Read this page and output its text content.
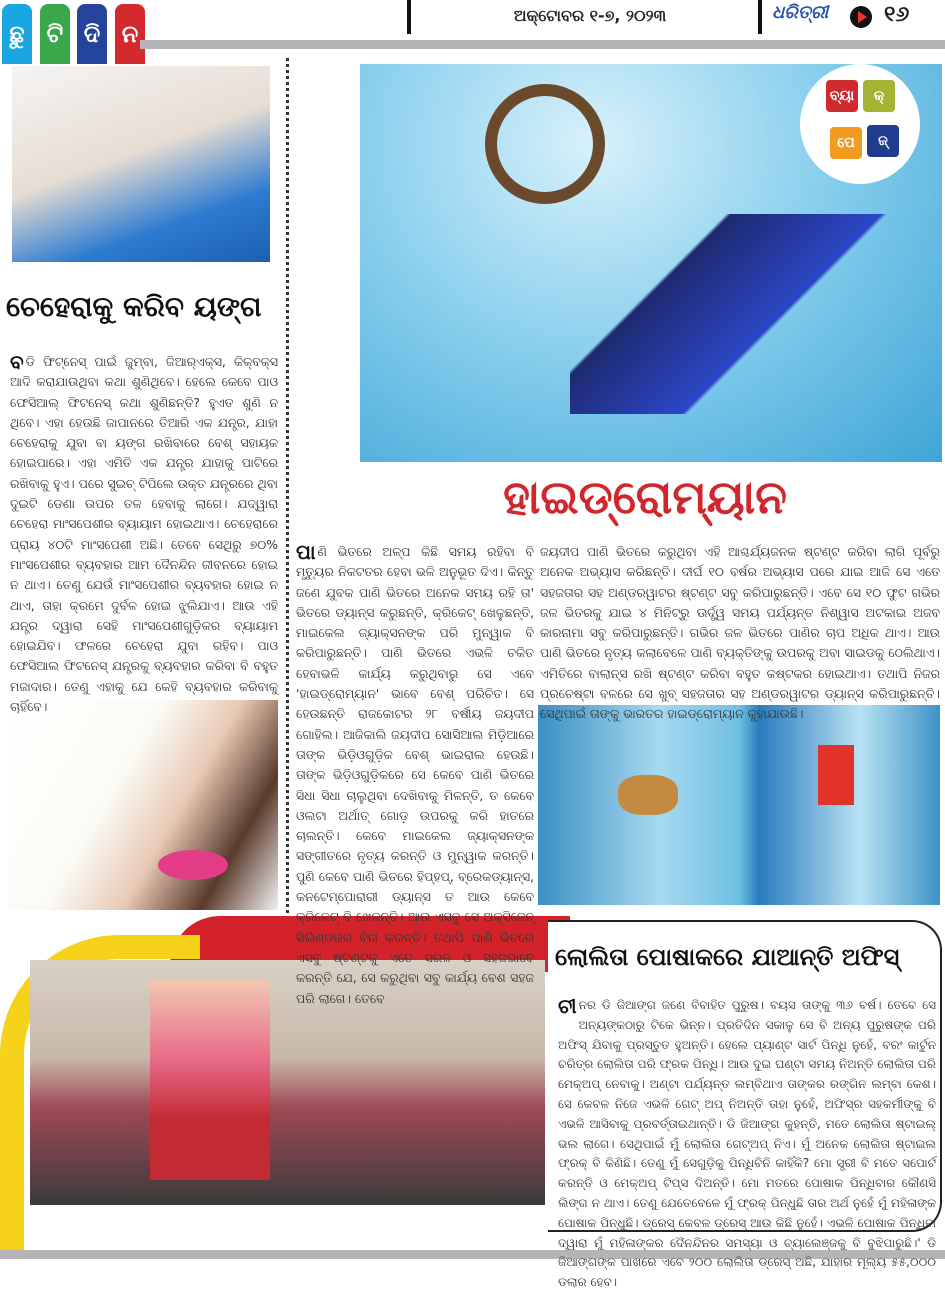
ଛୁ ଟି ଦି ନ
ଅକ୍ଟୋବର ୧-୭, ୨୦୨୩	ଧରିତ୍ରୀ	୧୬
ଚେହେରାକୁ କରିବ ୟଙ୍ଗ
ବଡି ଫିଟ୍‌ନେସ୍ ପାଇଁ ଜୁମ୍ବା, ଜିଆର୍‌ଏକ୍ସ, କିକ୍‌ବକ୍ସ ଆଦି କରାଯାଉଥିବା କଥା ଶୁଣିଥିବେ। ହେଲେ କେବେ ପାଓ ଫେସିଆଲ୍ ଫିଟନେସ୍ କଥା ଶୁଣିଛନ୍ତି? ହୁଏତ ଶୁଣି ନ ଥିବେ। ଏହା ହେଉଛି ଜାପାନରେ ତିଆରି ଏକ ଯନ୍ତ୍ର, ଯାହା ଚେହେରାକୁ ଯୁବା ବା ୟଙ୍ଗ ରଖିବାରେ ବେଶ୍ ସହାୟକ ହୋଇପାରେ। ଏହା ଏମିତି ଏକ ଯନ୍ତ୍ର ଯାହାକୁ ପାଟିରେ ରଖିବାକୁ ହୁଏ। ପରେ ସୁଇଚ୍ ଟିପିଲେ ଉକ୍ତ ଯନ୍ତ୍ରରେ ଥିବା ଦୁଇଟି ଡେଣା ଉପର ତଳ ହେବାକୁ ଲାଗେ। ଯଦ୍ୱାରା ଚେହେରା ମାଂସପେଶୀର ବ୍ୟାୟାମ ହୋଇଥାଏ। ଚେହେରାରେ ପ୍ରାୟ ୪୦ଟି ମାଂସପେଶୀ ଅଛି। ତେବେ ସେଥିରୁ ୭୦% ମାଂସପେଶୀର ବ୍ୟବହାର ଆମ ଦୈନନ୍ଦିନ ଜୀବନରେ ହୋଇ ନ ଥାଏ। ତେଣୁ ଯେଉଁ ମାଂସପେଶୀର ବ୍ୟବହାର ହୋଇ ନ ଥାଏ, ତାହା କ୍ରମେ ଦୁର୍ବଳ ହୋଇ ଝୁଲିଯାଏ। ଆଉ ଏହି ଯନ୍ତ୍ର ଦ୍ୱାରା ସେହି ମାଂସପେଶୀଗୁଡ଼ିକର ବ୍ୟାୟାମ ହୋଇଯିବ। ଫଳରେ ଚେହେରା ଯୁବା ରହିବ। ପାଓ ଫେସିଆଲ ଫିଟନେସ୍ ଯନ୍ତ୍ରକୁ ବ୍ୟବହାର କରିବା ବି ବହୁତ ମଜାଦାର। ତେଣୁ ଏହାକୁ ଯେ କେହି ବ୍ୟବହାର କରିବାକୁ ଚାହିଁବେ।
ବ୍ୟା	କ୍
ପେ	ଜ୍
ହାଇଡ୍ରୋମ୍ୟାନ
ପାଣି ଭିତରେ ଅଳ୍ପ କିଛି ସମୟ ରହିବା ବି ମୃତ୍ୟୁର ନିକଟତର ହେବା ଭଳି ଅନୁଭୂତ ଦିଏ। କିନ୍ତୁ ଜଣେ ଯୁବକ ପାଣି ଭିତରେ ଅନେକ ସମୟ ରହି ତା' ଭିତରେ ଡ୍ୟାନ୍ସ କରୁଛନ୍ତି, କ୍ରିକେଟ୍ ଖେଳୁଛନ୍ତି, ମାଇକେଲ ଜ୍ୟାକ୍ସନଙ୍କ ପରି ମୁନ୍‌ୱାକ ବି କରିପାରୁଛନ୍ତି। ପାଣି ଭିତରେ ଏଭଳି ଚକିତ ହେବାଭଳି କାର୍ଯ୍ୟ କରୁଥିବାରୁ ସେ ଏବେ 'ହାଇଡ୍ରୋମ୍ୟାନ' ଭାବେ ବେଶ୍ ପରିଚିତ। ସେ ହେଉଛନ୍ତି ରାଜକୋଟର ୨୮ ବର୍ଷୀୟ ଜୟଦୀପ ଗୋହିଲ। ଆଜିକାଲି ଜୟଦୀପ ସୋସିଆଲ ମିଡ଼ିଆରେ ତାଙ୍କ ଭିଡ଼ିଓଗୁଡ଼ିକ ବେଶ୍ ଭାଇରାଲ ହେଉଛି। ତାଙ୍କ ଭିଡ଼ିଓଗୁଡ଼ିକରେ ସେ କେବେ ପାଣି ଭିତରେ ସିଧା ସିଧା ଚାଲୁଥିବା ଦେଖିବାକୁ ମିଳନ୍ତି, ତ କେବେ ଓଲଟା ଅର୍ଥାତ୍ ଗୋଡ଼ ଉପରକୁ କରି ହାତରେ ଚାଲନ୍ତି। କେବେ ମାଇକେଲ ଜ୍ୟାକ୍ସନଙ୍କ ସଙ୍ଗୀତରେ ନୃତ୍ୟ କରନ୍ତି ଓ ମୁନ୍‌ୱାକ କରନ୍ତି। ପୁଣି କେବେ ପାଣି ଭିତରେ ହିପ୍‌ହପ୍, ବ୍ରେକଡ୍ୟାନ୍ସ, କନଟେମ୍ପୋରାରୀ ଡ୍ୟାନ୍ସ ତ ଆଉ କେବେ କ୍ରିକେଟ୍ ବି ଖେଳନ୍ତି। ଆଉ ଏସବୁ ସେ ଅକ୍ସିଜେନ୍ ସିଲିଣ୍ଡରର ବିନା କରନ୍ତି। ତଥାପି ପାଣି ଭିତରେ ଏସବୁ ଷ୍ଟଣ୍ଟକୁ ଏତେ ସରଳ ଓ ସହଜଭାବେ କରନ୍ତି ଯେ, ସେ କରୁଥିବା ସବୁ କାର୍ଯ୍ୟ ବେଶ ସହଜ ପରି ଲାଗେ। ତେବେ
ଜୟଦୀପ ପାଣି ଭିତରେ କରୁଥିବା ଏହି ଆଶ୍ଚର୍ଯ୍ୟଜନକ ଷ୍ଟଣ୍ଟ କରିବା ଲାଗି ପୂର୍ବରୁ ଅନେକ ଅଭ୍ୟାସ କରିଛନ୍ତି। ଦୀର୍ଘ ୧୦ ବର୍ଷର ଅଭ୍ୟାସ ପରେ ଯାଇ ଆଜି ସେ ଏତେ ସହଜତାର ସହ ଅଣ୍ଡରୱାଟର ଷ୍ଟଣ୍ଟ ସବୁ କରିପାରୁଛନ୍ତି। ଏବେ ସେ ୧୦ ଫୁଟ ଗଭିର ଜଳ ଭିତରକୁ ଯାଇ ୪ ମିନିଟ୍‌ରୁ ଊର୍ଦ୍ଧ୍ୱ ସମୟ ପର୍ଯ୍ୟନ୍ତ ନିଶ୍ୱାସ ଅଟକାଇ ଅଜବ କାରନାମା ସବୁ କରିପାରୁଛନ୍ତି। ଗଭିର ଜଳ ଭିତରେ ପାଣିର ଚାପ ଅଧିକ ଥାଏ। ଆଉ ପାଣି ଭିତରେ ନୃତ୍ୟ କଲାବେଳେ ପାଣି ବ୍ୟକ୍ତିଙ୍କୁ ଉପରକୁ ଅବା ସାଇଡକୁ ଠେଲିଥାଏ। ଏମିତିରେ ବାଲାନ୍ସ ରଖି ଷ୍ଟଣ୍ଟ କରିବା ବହୁତ କଷ୍ଟକର ହୋଇଥାଏ। ତଥାପି ନିଜର ପ୍ରଚେଷ୍ଟା ବଳରେ ସେ ଖୁବ୍ ସହଜତାର ସହ ଅଣ୍ଡରୱାଟର ଡ୍ୟାନ୍ସ କରିପାରୁଛନ୍ତି। ସେଥିପାଇଁ ତାଙ୍କୁ ଭାରତର ହାଇଡ୍ରୋମ୍ୟାନ କୁହାଯାଉଛି।
ଲୋଲିତା ପୋଷାକରେ ଯାଆନ୍ତି ଅଫିସ୍
ଚୀନର ଡି ଜିଆଙ୍ଗ ଜଣେ ବିବାହିତ ପୁରୁଷ। ବୟସ ତାଙ୍କୁ ୩୬ ବର୍ଷ। ତେବେ ସେ ଅନ୍ୟଙ୍କଠାରୁ ଟିକେ ଭିନ୍ନ। ପ୍ରତିଦିନ ସକାଳୁ ସେ ବି ଅନ୍ୟ ପୁରୁଷଙ୍କ ପରି ଅଫିସ୍ ଯିବାକୁ ପ୍ରସ୍ତୁତ ହୁଅନ୍ତି। ହେଲେ ପ୍ୟାଣ୍ଟ ସାର୍ଟ ପିନ୍ଧି ନୁହେଁ, ବରଂ କାର୍ଟୁନ ଚରିତ୍ର ଲୋଲିତା ପରି ଫ୍ରକ ପିନ୍ଧି। ଆଉ ଦୁଇ ଘଣ୍ଟା ସମୟ ନିଅନ୍ତି ଲୋଲିତା ପରି ମେକ୍‌ଅପ୍ ନେବାକୁ। ଅଣ୍ଟା ପର୍ଯ୍ୟନ୍ତ ଲମ୍ବିଥାଏ ତାଙ୍କର ରଙ୍ଗିନ ଲମ୍ବା କେଶ। ସେ କେବଳ ନିଜେ ଏଭଳି ଗେଟ୍ ଅପ୍ ନିଅନ୍ତି ତାହା ନୁହେଁ, ଅଫିସ୍‌ର ସହକର୍ମୀଙ୍କୁ ବି ଏଭଳି ଆସିବାକୁ ପ୍ରବର୍ତ୍ତାଇଥାନ୍ତି। ଡି ଜିଆଙ୍ଗ କୁହନ୍ତି, ମତେ ଲୋଲିତା ଷ୍ଟାଇଲ୍ ଭଲ ଲାଗେ। ସେଥିପାଇଁ ମୁଁ ଲୋଲିତା ଗେଟ୍‌ଅପ୍ ନିଏ। ମୁଁ ଅନେକ ଲୋଲିତା ଷ୍ଟାଇଲ ଫ୍ରକ୍ ବି କିଣିଛି। ତେଣୁ ମୁଁ ସେଗୁଡ଼ିକୁ ପିନ୍ଧିବିନି କାହିଁକି? ମୋ ସ୍ତ୍ରୀ ବି ମତେ ସପୋର୍ଟ କରନ୍ତି ଓ ମେକ୍‌ଅପ୍ ଟିପ୍ସ ଦିଅନ୍ତି। ମୋ ମତରେ ପୋଷାକ ପିନ୍ଧିବାର କୌଣସି ଲିଙ୍ଗ ନ ଥାଏ। ତେଣୁ ଯେତେବେଳେ ମୁଁ ଫ୍ରକ୍ ପିନ୍ଧୁଛି ତାର ଅର୍ଥ ନୁହେଁ ମୁଁ ମହିଳାଙ୍କ ପୋଷାକ ପିନ୍ଧୁଛି। ଡ୍ରେସ୍ କେବଳ ଡ୍ରେସ୍ ଆଉ କିଛି ନୁହେଁ। ଏଭଳି ପୋଷାକ ପିନ୍ଧିବା ଦ୍ୱାରା ମୁଁ ମହିଳାଙ୍କର ଦୈନନ୍ଦିନର ସମସ୍ୟା ଓ ଚ୍ୟାଲେଞ୍ଜକୁ ବି ବୁଝିପାରୁଛି।' ଡି ଜିଆଙ୍ଗଙ୍କ ପାଖରେ ଏବେ ୨୦୦ ଲୋଲିତା ଡ୍ରେସ୍ ଅଛି, ଯାହାର ମୂଲ୍ୟ ୫୫,୦୦୦ ଡଲାର ହେବ।
